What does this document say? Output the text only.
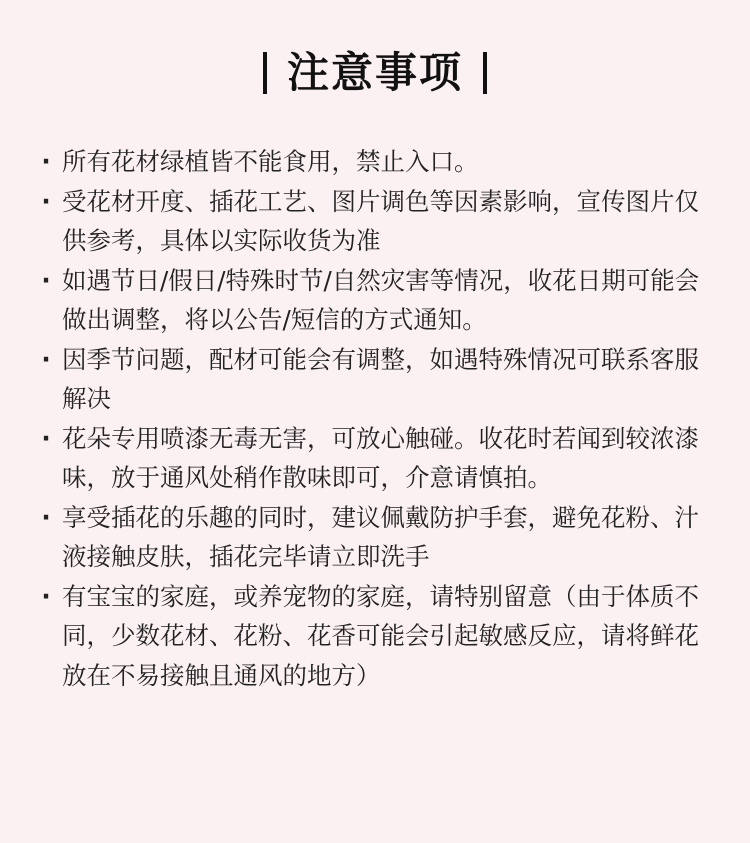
注意事项
· 所有花材绿植皆不能食用，禁止入口。
· 受花材开度、插花工艺、图片调色等因素影响，宣传图片仅供参考，具体以实际收货为准
· 如遇节日/假日/特殊时节/自然灾害等情况，收花日期可能会做出调整，将以公告/短信的方式通知。
· 因季节问题，配材可能会有调整，如遇特殊情况可联系客服解决
· 花朵专用喷漆无毒无害，可放心触碰。收花时若闻到较浓漆味，放于通风处稍作散味即可，介意请慎拍。
· 享受插花的乐趣的同时，建议佩戴防护手套，避免花粉、汁液接触皮肤，插花完毕请立即洗手
· 有宝宝的家庭，或养宠物的家庭，请特别留意（由于体质不同，少数花材、花粉、花香可能会引起敏感反应，请将鲜花放在不易接触且通风的地方）
